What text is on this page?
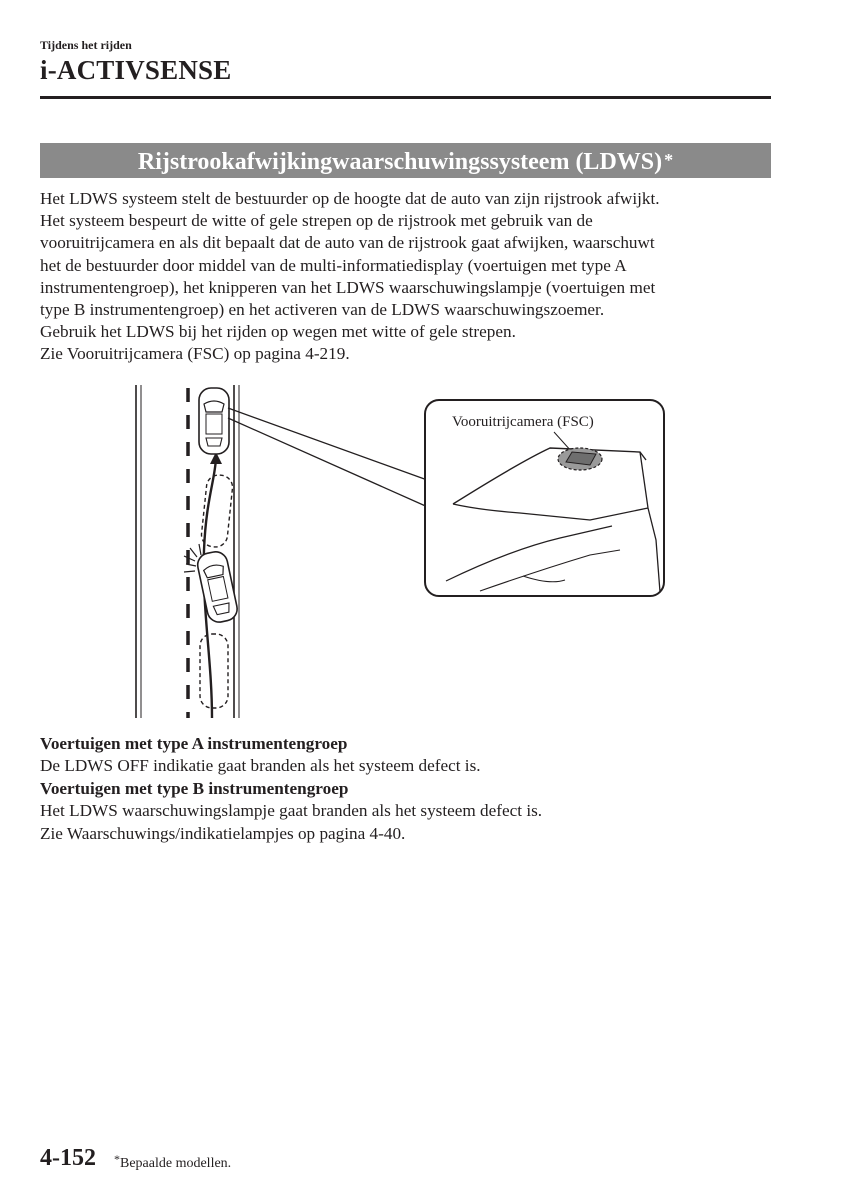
Tijdens het rijden
i-ACTIVSENSE
Rijstrookafwijkingwaarschuwingssysteem (LDWS) *

Het LDWS systeem stelt de bestuurder op de hoogte dat de auto van zijn rijstrook afwijkt.

Het systeem bespeurt de witte of gele strepen op de rijstrook met gebruik van de

vooruitrijcamera en als dit bepaalt dat de auto van de rijstrook gaat afwijken, waarschuwt

het de bestuurder door middel van de multi-informatiedisplay (voertuigen met type A

instrumentengroep), het knipperen van het LDWS waarschuwingslampje (voertuigen met

type B instrumentengroep) en het activeren van de LDWS waarschuwingszoemer.

Gebruik het LDWS bij het rijden op wegen met witte of gele strepen.

Zie Vooruitrijcamera (FSC) op pagina 4-219.

Vooruitrijcamera (FSC)

Voertuigen met type A instrumentengroep

De LDWS OFF indikatie gaat branden als het systeem defect is.

Voertuigen met type B instrumentengroep

Het LDWS waarschuwingslampje gaat branden als het systeem defect is.

Zie Waarschuwings/indikatielampjes op pagina 4-40.

4-152 *Bepaalde modellen.
